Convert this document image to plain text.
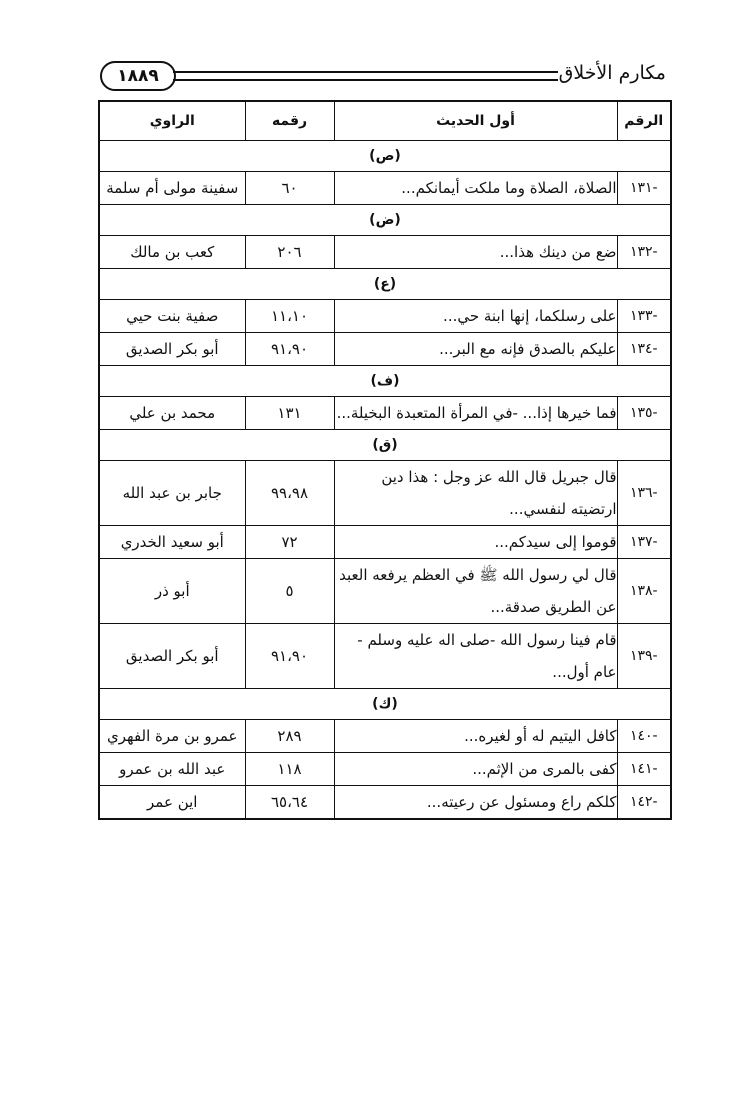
مكارم الأخلاق
١٨٨٩
الرقم	أول الحديث	رقمه	الراوي
(ص)			
-١٣١	الصلاة، الصلاة وما ملكت أيمانكم...	٦٠	سفينة مولى أم سلمة
(ض)			
-١٣٢	ضع من دينك هذا...	٢٠٦	كعب بن مالك
(ع)			
-١٣٣	على رسلكما، إنها ابنة حي...	١١،١٠	صفية بنت حيي
-١٣٤	عليكم بالصدق فإنه مع البر...	٩١،٩٠	أبو بكر الصديق
(ف)			
-١٣٥	فما خيرها إذا... -في المرأة المتعبدة البخيلة...	١٣١	محمد بن علي
(ق)			
-١٣٦	قال جبريل قال الله عز وجل : هذا دين ارتضيته لنفسي...	٩٩،٩٨	جابر بن عبد الله
-١٣٧	قوموا إلى سيدكم...	٧٢	أبو سعيد الخدري
-١٣٨	قال لي رسول الله ﷺ في العظم يرفعه العبد عن الطريق صدقة...	٥	أبو ذر
-١٣٩	قام فينا رسول الله -صلى اله عليه وسلم - عام أول...	٩١،٩٠	أبو بكر الصديق
(ك)			
-١٤٠	كافل اليتيم له أو لغيره...	٢٨٩	عمرو بن مرة الفهري
-١٤١	كفى بالمرى من الإثم...	١١٨	عبد الله بن عمرو
-١٤٢	كلكم راع ومسئول عن رعيته...	٦٥،٦٤	اين عمر
